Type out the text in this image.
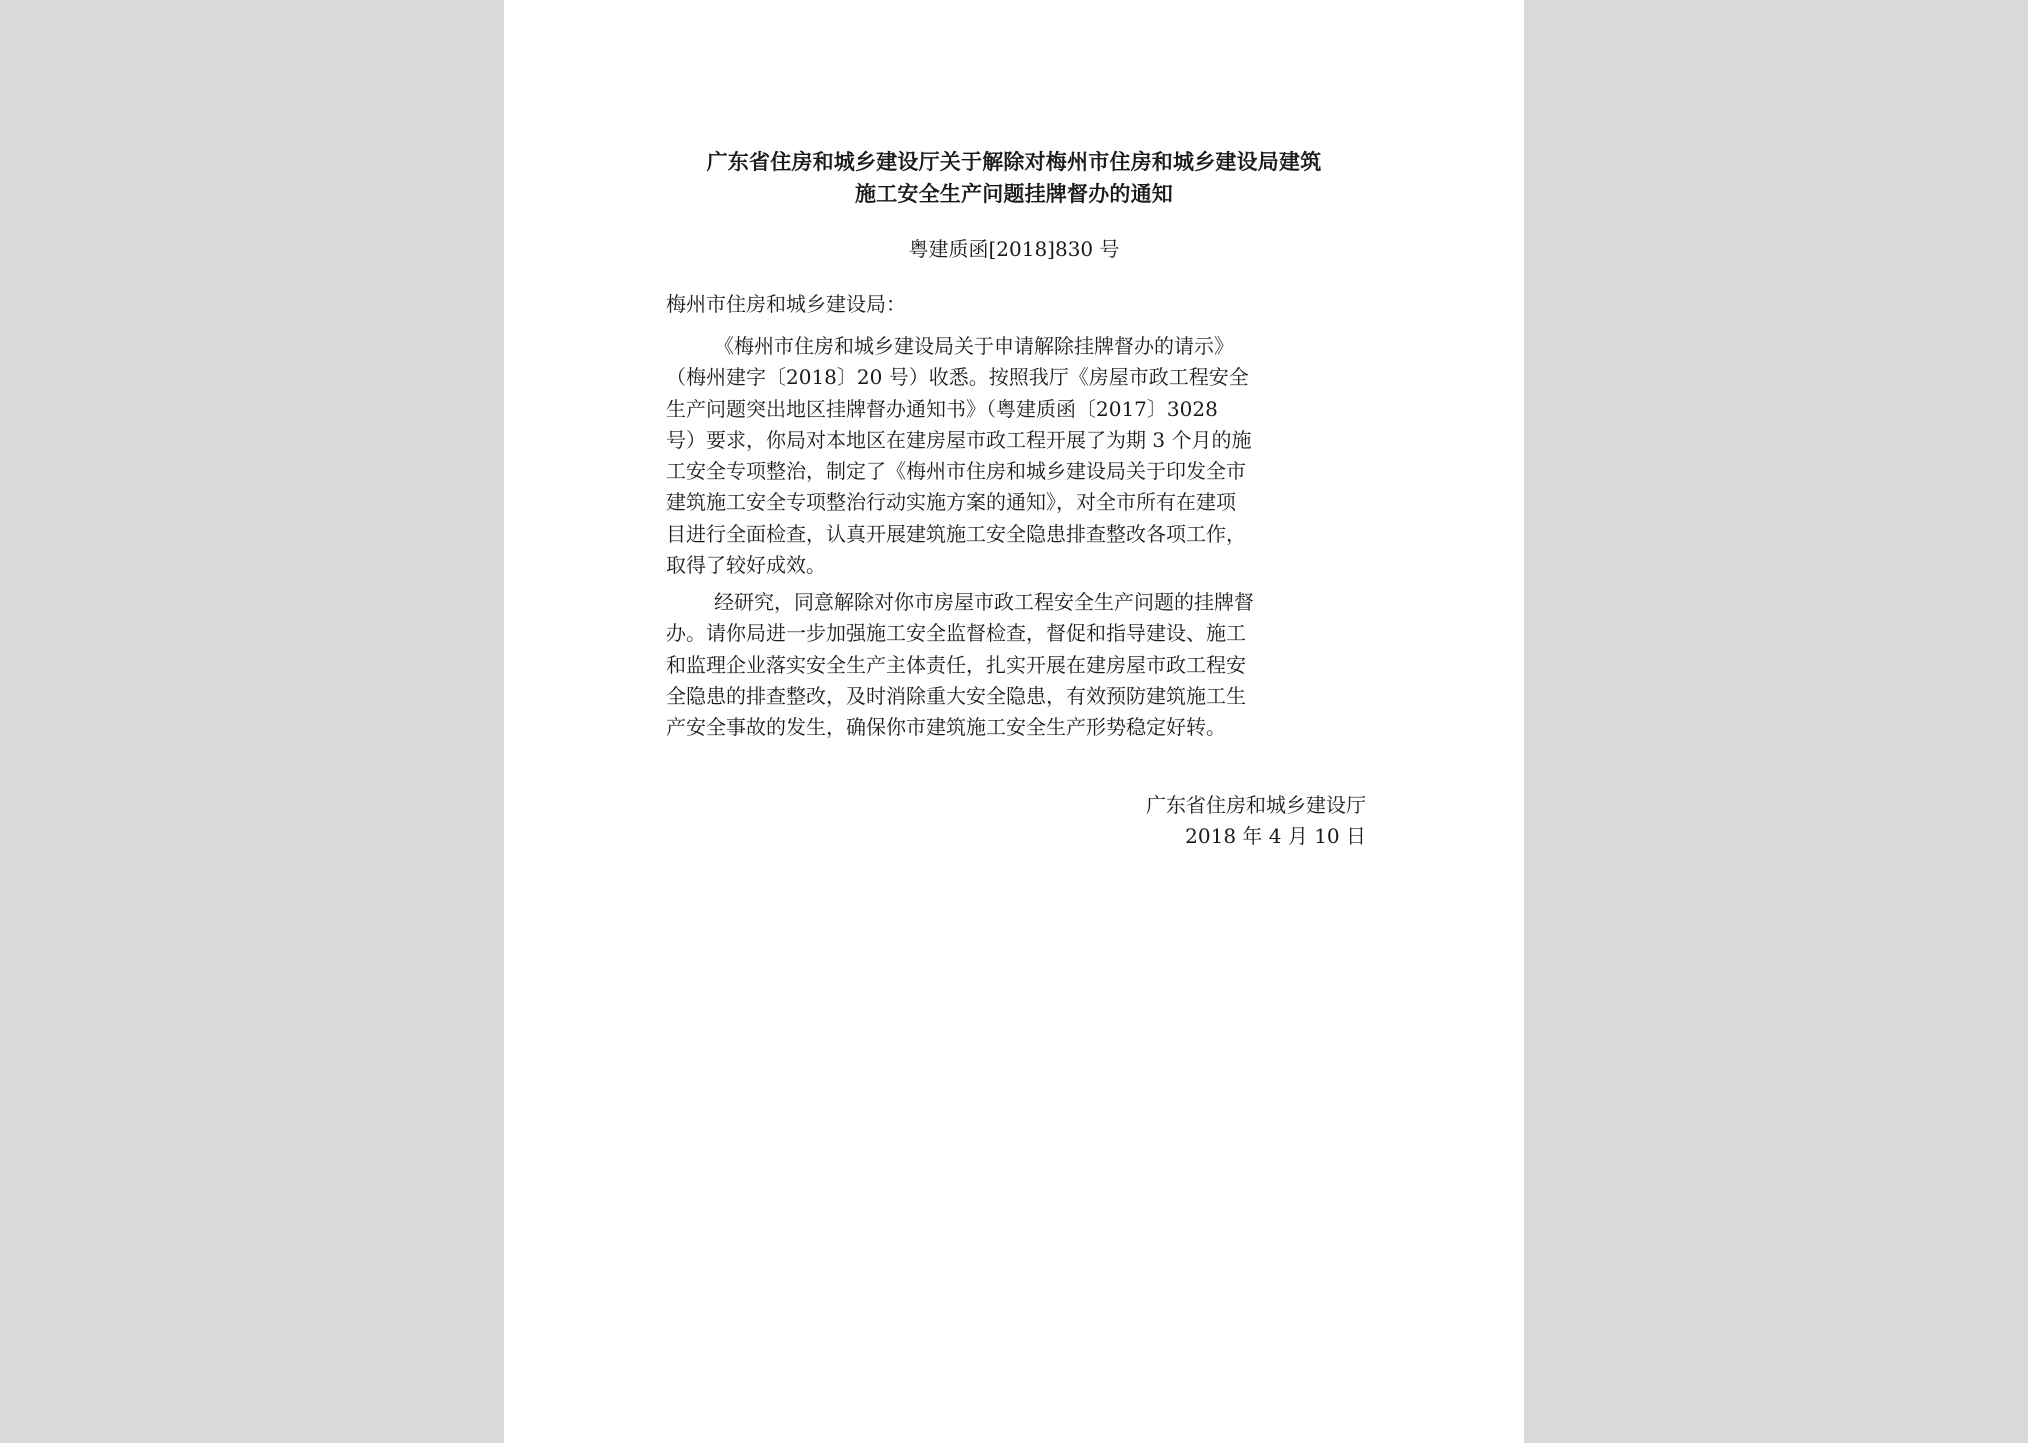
广东省住房和城乡建设厅关于解除对梅州市住房和城乡建设局建筑
施工安全生产问题挂牌督办的通知
粤建质函[2018]830 号
梅州市住房和城乡建设局：
《梅州市住房和城乡建设局关于申请解除挂牌督办的请示》
（梅州建字〔2018〕20 号）收悉。按照我厅《房屋市政工程安全
生产问题突出地区挂牌督办通知书》（粤建质函〔2017〕3028
号）要求，你局对本地区在建房屋市政工程开展了为期 3 个月的施
工安全专项整治，制定了《梅州市住房和城乡建设局关于印发全市
建筑施工安全专项整治行动实施方案的通知》，对全市所有在建项
目进行全面检查，认真开展建筑施工安全隐患排查整改各项工作，
取得了较好成效。
经研究，同意解除对你市房屋市政工程安全生产问题的挂牌督
办。请你局进一步加强施工安全监督检查，督促和指导建设、施工
和监理企业落实安全生产主体责任，扎实开展在建房屋市政工程安
全隐患的排查整改，及时消除重大安全隐患，有效预防建筑施工生
产安全事故的发生，确保你市建筑施工安全生产形势稳定好转。
广东省住房和城乡建设厅
2018 年 4 月 10 日
